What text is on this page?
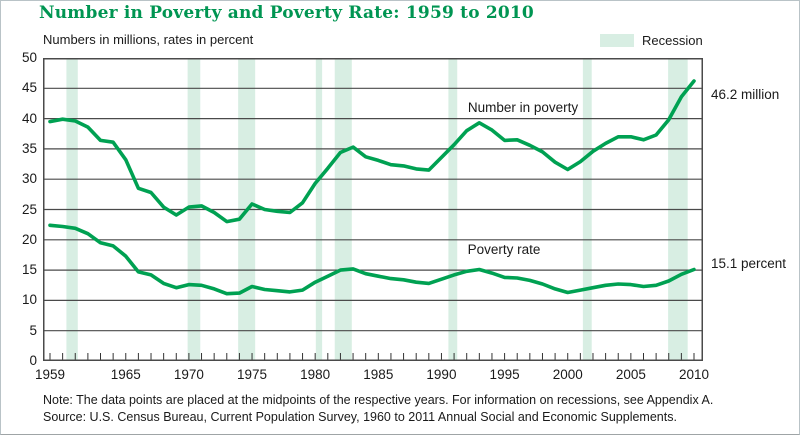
Number in Poverty and Poverty Rate: 1959 to 2010
Numbers in millions, rates in percent	Recession
0
5
10
15
20
25
30
35
40
45
50
1959	1965 1970 1975 1980 1985 1990 1995 2000 2005 2010
Number in poverty
Poverty rate
46.2 million
15.1 percent
Note: The data points are placed at the midpoints of the respective years. For information on recessions, see Appendix A.
Source: U.S. Census Bureau, Current Population Survey, 1960 to 2011 Annual Social and Economic Supplements.
